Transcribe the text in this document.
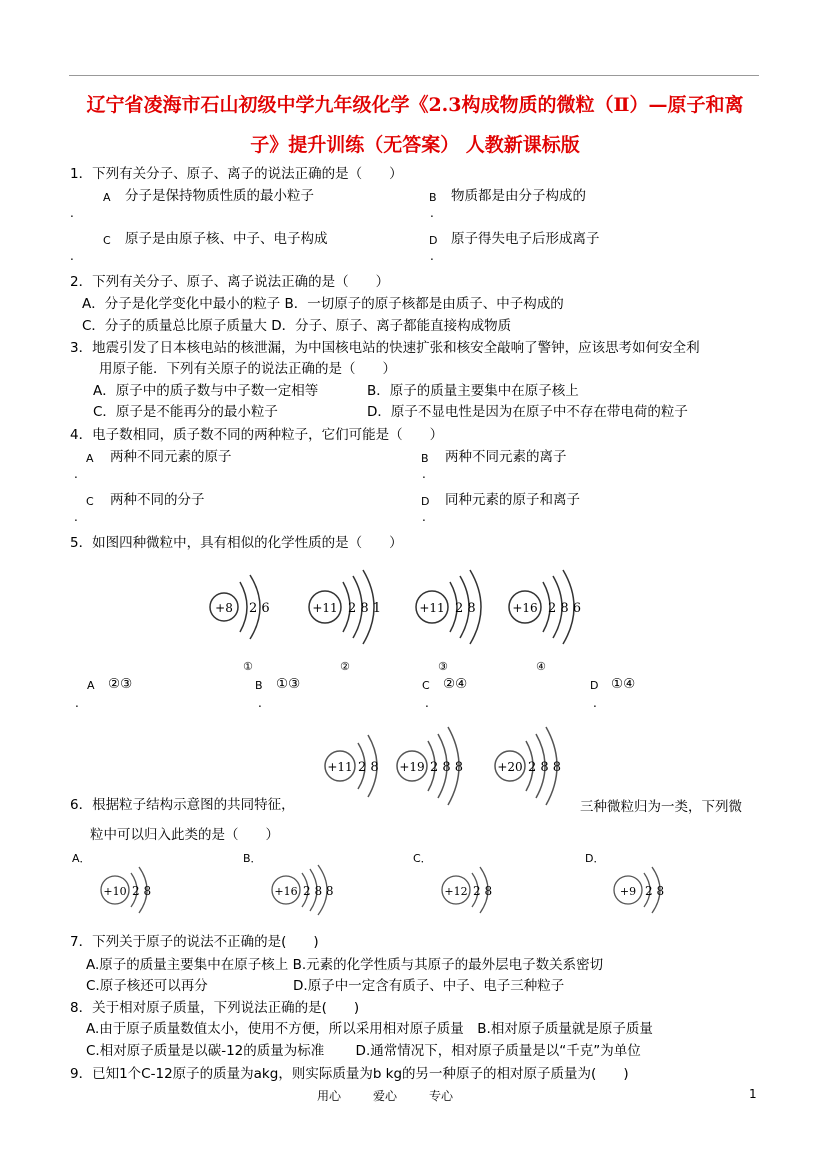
辽宁省凌海市石山初级中学九年级化学《2.3构成物质的微粒（Ⅱ）—原子和离
子》提升训练（无答案） 人教新课标版
1．下列有关分子、原子、离子的说法正确的是（　　）
A 分子是保持物质性质的最小粒子
.
B 物质都是由分子构成的
.
C 原子是由原子核、中子、电子构成
.
D 原子得失电子后形成离子
.
2．下列有关分子、原子、离子说法正确的是（　　）
A．分子是化学变化中最小的粒子 B．一切原子的原子核都是由质子、中子构成的
C．分子的质量总比原子质量大 D．分子、原子、离子都能直接构成物质
3．地震引发了日本核电站的核泄漏，为中国核电站的快速扩张和核安全敲响了警钟，应该思考如何安全利
用原子能．下列有关原子的说法正确的是（　　）
A．原子中的质子数与中子数一定相等	B．原子的质量主要集中在原子核上
C．原子是不能再分的最小粒子	D．原子不显电性是因为在原子中不存在带电荷的粒子
4．电子数相同，质子数不同的两种粒子，它们可能是（　　）
A 两种不同元素的原子
.
B 两种不同元素的离子
.
C 两种不同的分子
.
D 同种元素的原子和离子
.
5．如图四种微粒中，具有相似的化学性质的是（　　）
+8 2 6	+11 2 8 1	+11 2 8	+16 2 8 6
①	②	③	④
A ②③
.
B ①③
.
C ②④
.
D ①④
.
+11 2 8 +19 2 8 8	+20 2 8 8
6．根据粒子结构示意图的共同特征，	三种微粒归为一类，下列微
粒中可以归入此类的是（　　）
A．	B．	C．	D．
+10 2 8	+16 2 8 8	+12 2 8	+9 2 8
7．下列关于原子的说法不正确的是(　　)
A.原子的质量主要集中在原子核上 B.元素的化学性质与其原子的最外层电子数关系密切
C.原子核还可以再分　　　　　　 D.原子中一定含有质子、中子、电子三种粒子
8．关于相对原子质量，下列说法正确的是(　　)
A.由于原子质量数值太小，使用不方便，所以采用相对原子质量　B.相对原子质量就是原子质量
C.相对原子质量是以碳-12的质量为标准　　 D.通常情况下，相对原子质量是以“千克”为单位
9．已知1个C-12原子的质量为akg，则实际质量为b kg的另一种原子的相对原子质量为(　　)
用心	爱心	专心	1
